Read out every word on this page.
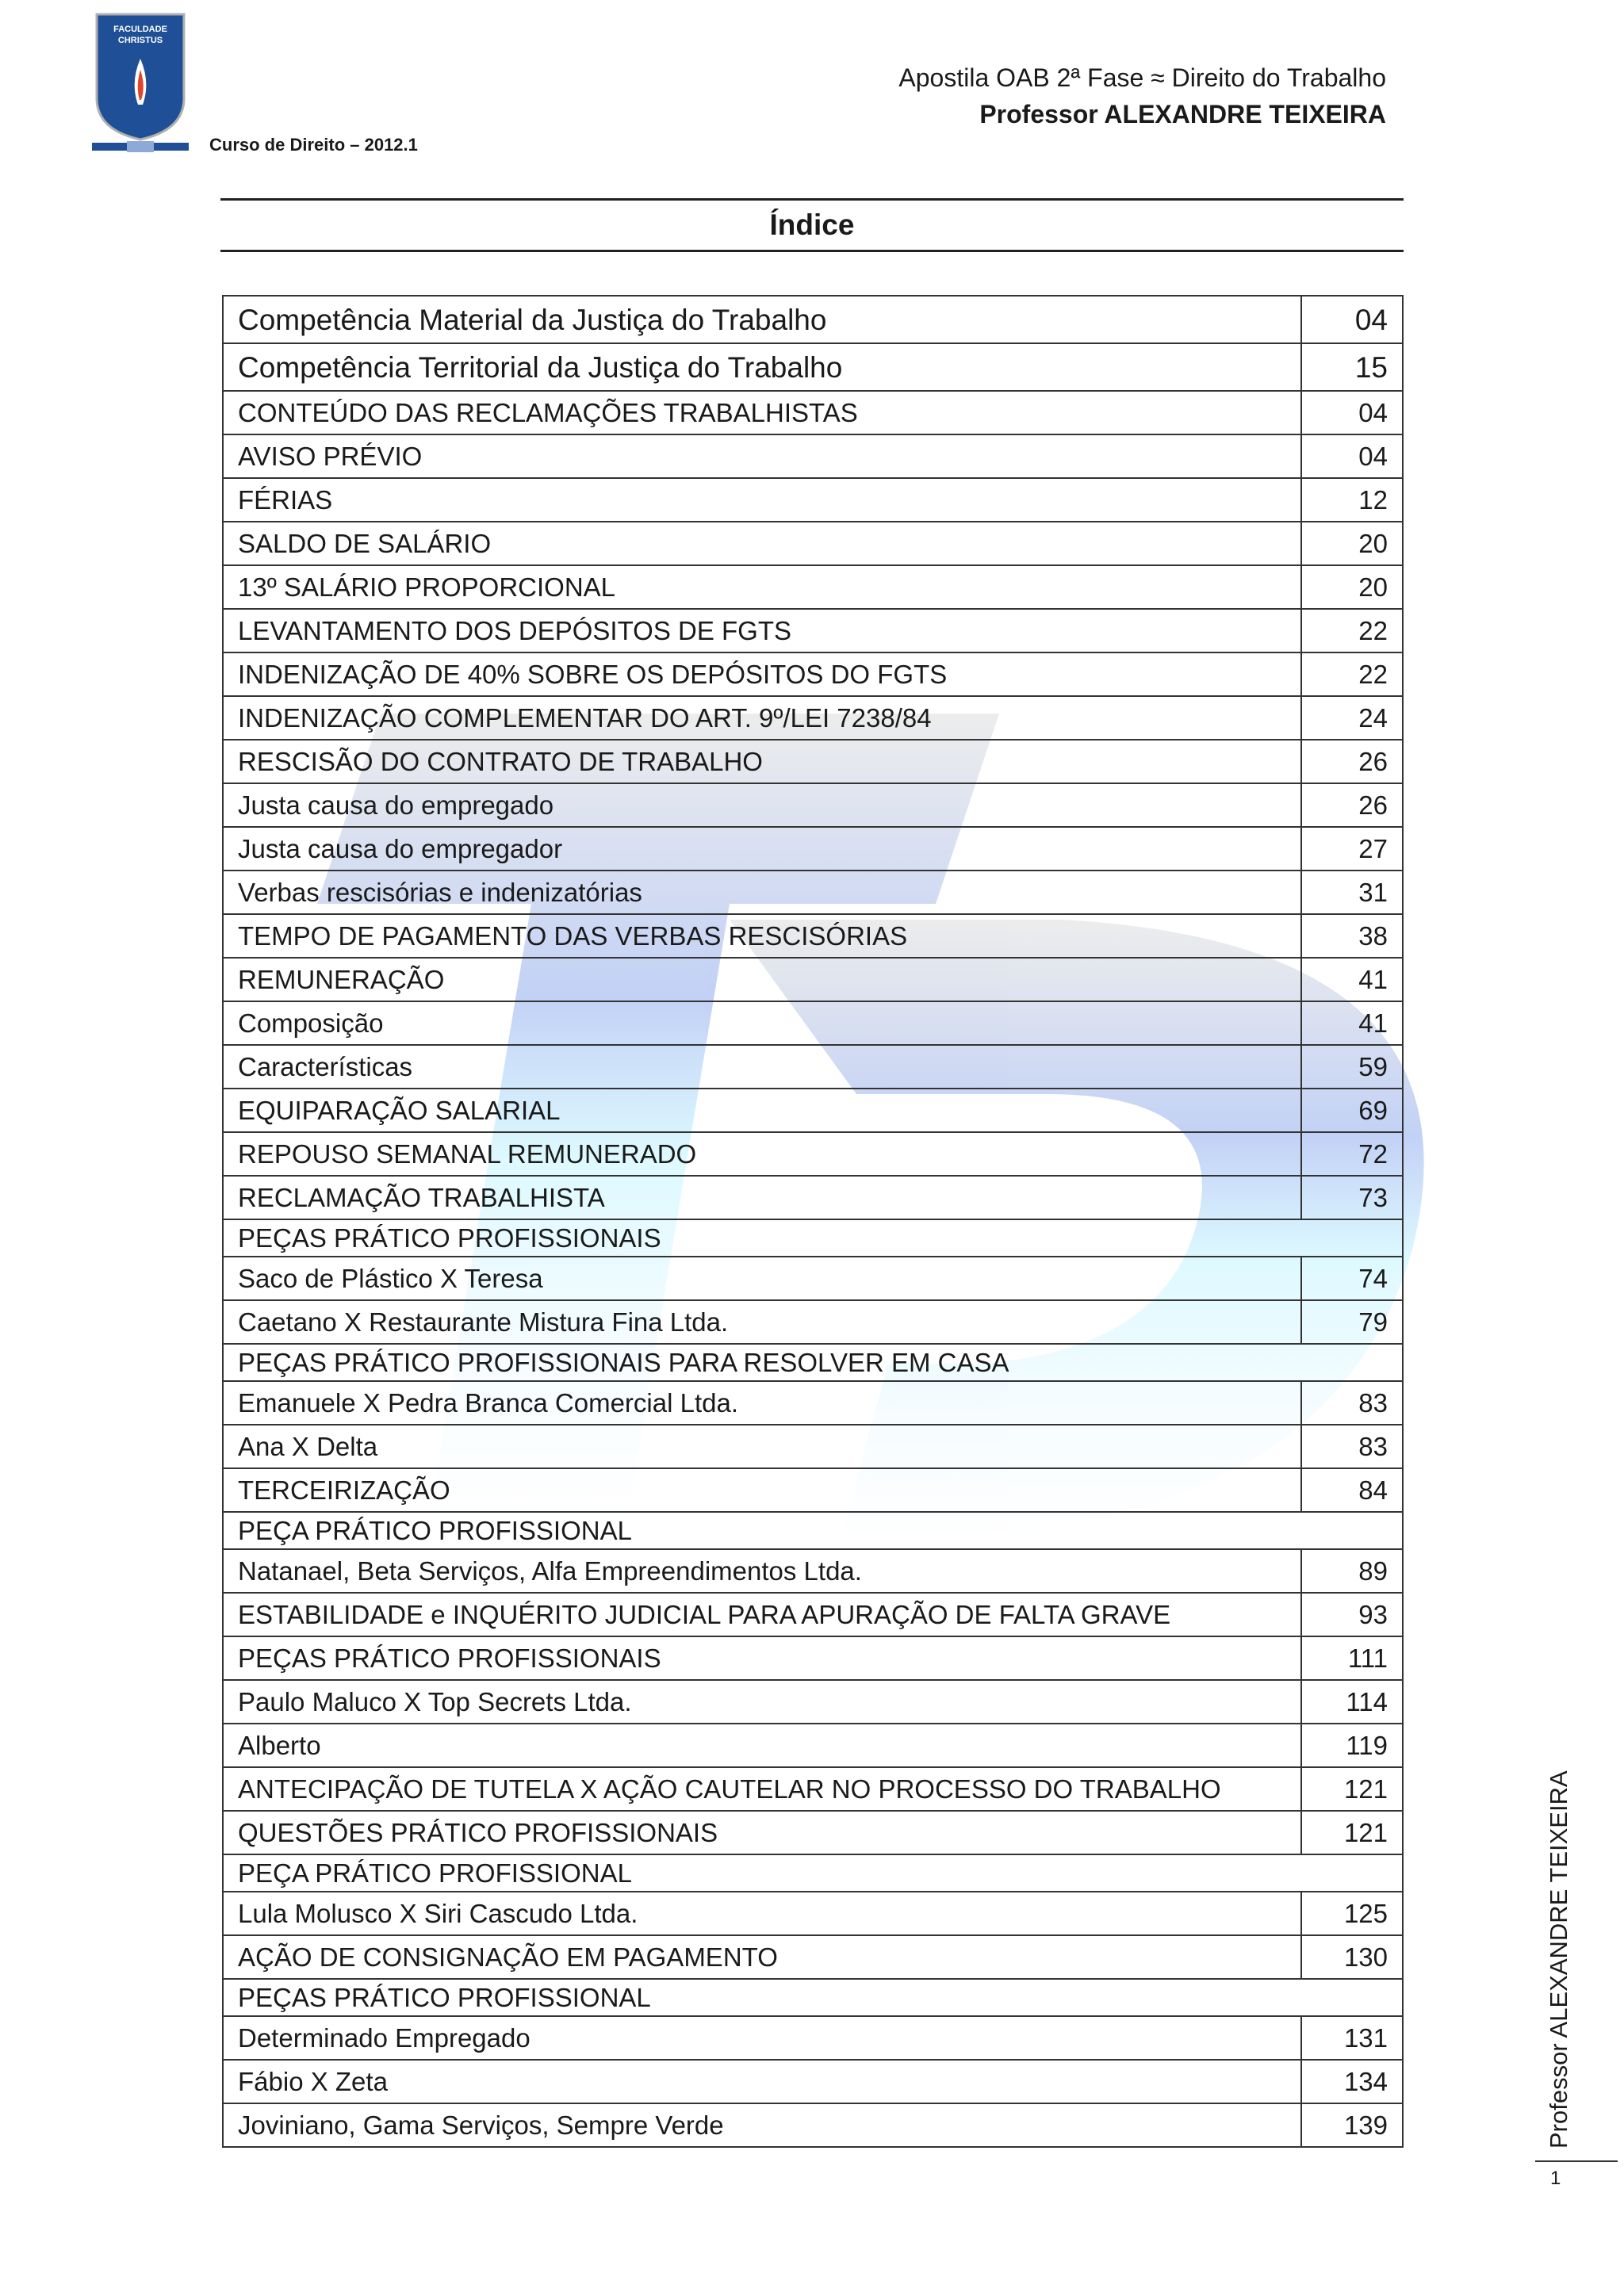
FACULDADE
CHRISTUS
Curso de Direito – 2012.1
Apostila OAB 2ª Fase ≈ Direito do Trabalho
Professor ALEXANDRE TEIXEIRA
Índice
Competência Material da Justiça do Trabalho	04
Competência Territorial da Justiça do Trabalho	15
CONTEÚDO DAS RECLAMAÇÕES TRABALHISTAS	04
AVISO PRÉVIO	04
FÉRIAS	12
SALDO DE SALÁRIO	20
13º SALÁRIO PROPORCIONAL	20
LEVANTAMENTO DOS DEPÓSITOS DE FGTS	22
INDENIZAÇÃO DE 40% SOBRE OS DEPÓSITOS DO FGTS	22
INDENIZAÇÃO COMPLEMENTAR DO ART. 9º/LEI 7238/84	24
RESCISÃO DO CONTRATO DE TRABALHO	26
Justa causa do empregado	26
Justa causa do empregador	27
Verbas rescisórias e indenizatórias	31
TEMPO DE PAGAMENTO DAS VERBAS RESCISÓRIAS	38
REMUNERAÇÃO	41
Composição	41
Características	59
EQUIPARAÇÃO SALARIAL	69
REPOUSO SEMANAL REMUNERADO	72
RECLAMAÇÃO TRABALHISTA	73
PEÇAS PRÁTICO PROFISSIONAIS	
Saco de Plástico X Teresa	74
Caetano X Restaurante Mistura Fina Ltda.	79
PEÇAS PRÁTICO PROFISSIONAIS PARA RESOLVER EM CASA	
Emanuele X Pedra Branca Comercial Ltda.	83
Ana X Delta	83
TERCEIRIZAÇÃO	84
PEÇA PRÁTICO PROFISSIONAL	
Natanael, Beta Serviços, Alfa Empreendimentos Ltda.	89
ESTABILIDADE e INQUÉRITO JUDICIAL PARA APURAÇÃO DE FALTA GRAVE	93
PEÇAS PRÁTICO PROFISSIONAIS	111
Paulo Maluco X Top Secrets Ltda.	114
Alberto	119
ANTECIPAÇÃO DE TUTELA X AÇÃO CAUTELAR NO PROCESSO DO TRABALHO	121
QUESTÕES PRÁTICO PROFISSIONAIS	121
PEÇA PRÁTICO PROFISSIONAL	
Lula Molusco X Siri Cascudo Ltda.	125
AÇÃO DE CONSIGNAÇÃO EM PAGAMENTO	130
PEÇAS PRÁTICO PROFISSIONAL	
Determinado Empregado	131
Fábio X Zeta	134
Joviniano, Gama Serviços, Sempre Verde	139	Professor ALEXANDRE TEIXEIRA
1
